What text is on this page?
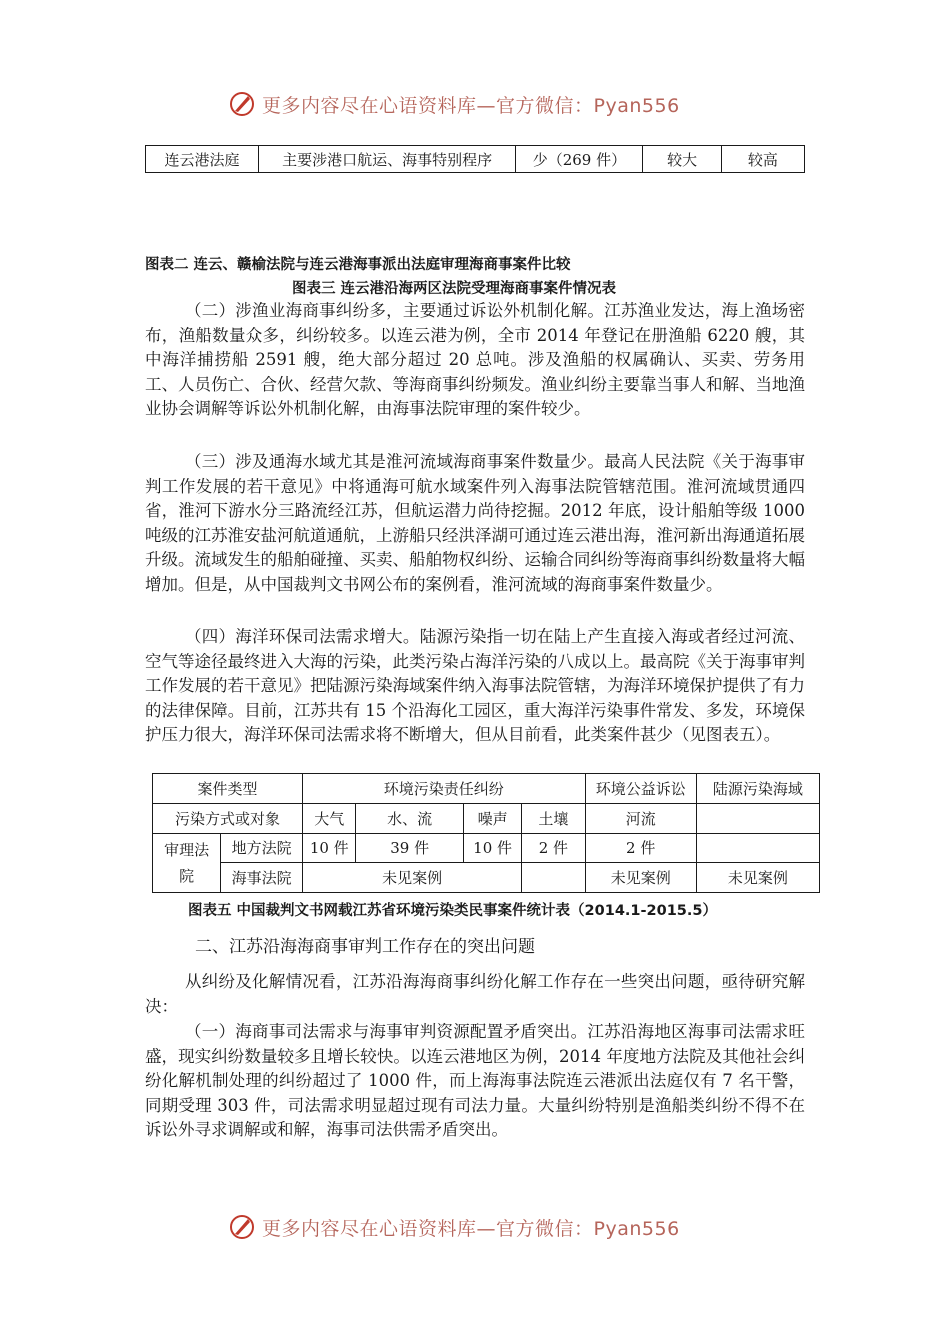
更多内容尽在心语资料库—官方微信：Pyan556
连云港法庭	主要涉港口航运、海事特别程序	少（269 件）	较大	较高
图表二 连云、赣榆法院与连云港海事派出法庭审理海商事案件比较
图表三 连云港沿海两区法院受理海商事案件情况表

（二）涉渔业海商事纠纷多，主要通过诉讼外机制化解。江苏渔业发达，海上渔场密布，渔船数量众多，纠纷较多。以连云港为例，全市 2014 年登记在册渔船 6220 艘，其中海洋捕捞船 2591 艘，绝大部分超过 20 总吨。涉及渔船的权属确认、买卖、劳务用工、人员伤亡、合伙、经营欠款、等海商事纠纷频发。渔业纠纷主要靠当事人和解、当地渔业协会调解等诉讼外机制化解，由海事法院审理的案件较少。

（三）涉及通海水域尤其是淮河流域海商事案件数量少。最高人民法院《关于海事审判工作发展的若干意见》中将通海可航水域案件列入海事法院管辖范围。淮河流域贯通四省，淮河下游水分三路流经江苏，但航运潜力尚待挖掘。2012 年底，设计船舶等级 1000 吨级的江苏淮安盐河航道通航，上游船只经洪泽湖可通过连云港出海，淮河新出海通道拓展升级。流域发生的船舶碰撞、买卖、船舶物权纠纷、运输合同纠纷等海商事纠纷数量将大幅增加。但是，从中国裁判文书网公布的案例看，淮河流域的海商事案件数量少。

（四）海洋环保司法需求增大。陆源污染指一切在陆上产生直接入海或者经过河流、空气等途径最终进入大海的污染，此类污染占海洋污染的八成以上。最高院《关于海事审判工作发展的若干意见》把陆源污染海域案件纳入海事法院管辖，为海洋环境保护提供了有力的法律保障。目前，江苏共有 15 个沿海化工园区，重大海洋污染事件常发、多发，环境保护压力很大，海洋环保司法需求将不断增大，但从目前看，此类案件甚少（见图表五）。

案件类型		环境污染责任纠纷				环境公益诉讼	陆源污染海域
污染方式或对象		大气	水、流	噪声	土壤	河流	
审理法院	地方法院	10 件	39 件	10 件	2 件	2 件	
	海事法院	未见案例				未见案例	未见案例
图表五 中国裁判文书网载江苏省环境污染类民事案件统计表（2014.1-2015.5）
二、江苏沿海海商事审判工作存在的突出问题

从纠纷及化解情况看，江苏沿海海商事纠纷化解工作存在一些突出问题，亟待研究解决：

（一）海商事司法需求与海事审判资源配置矛盾突出。江苏沿海地区海事司法需求旺盛，现实纠纷数量较多且增长较快。以连云港地区为例，2014 年度地方法院及其他社会纠纷化解机制处理的纠纷超过了 1000 件，而上海海事法院连云港派出法庭仅有 7 名干警，同期受理 303 件，司法需求明显超过现有司法力量。大量纠纷特别是渔船类纠纷不得不在诉讼外寻求调解或和解，海事司法供需矛盾突出。

更多内容尽在心语资料库—官方微信：Pyan556
